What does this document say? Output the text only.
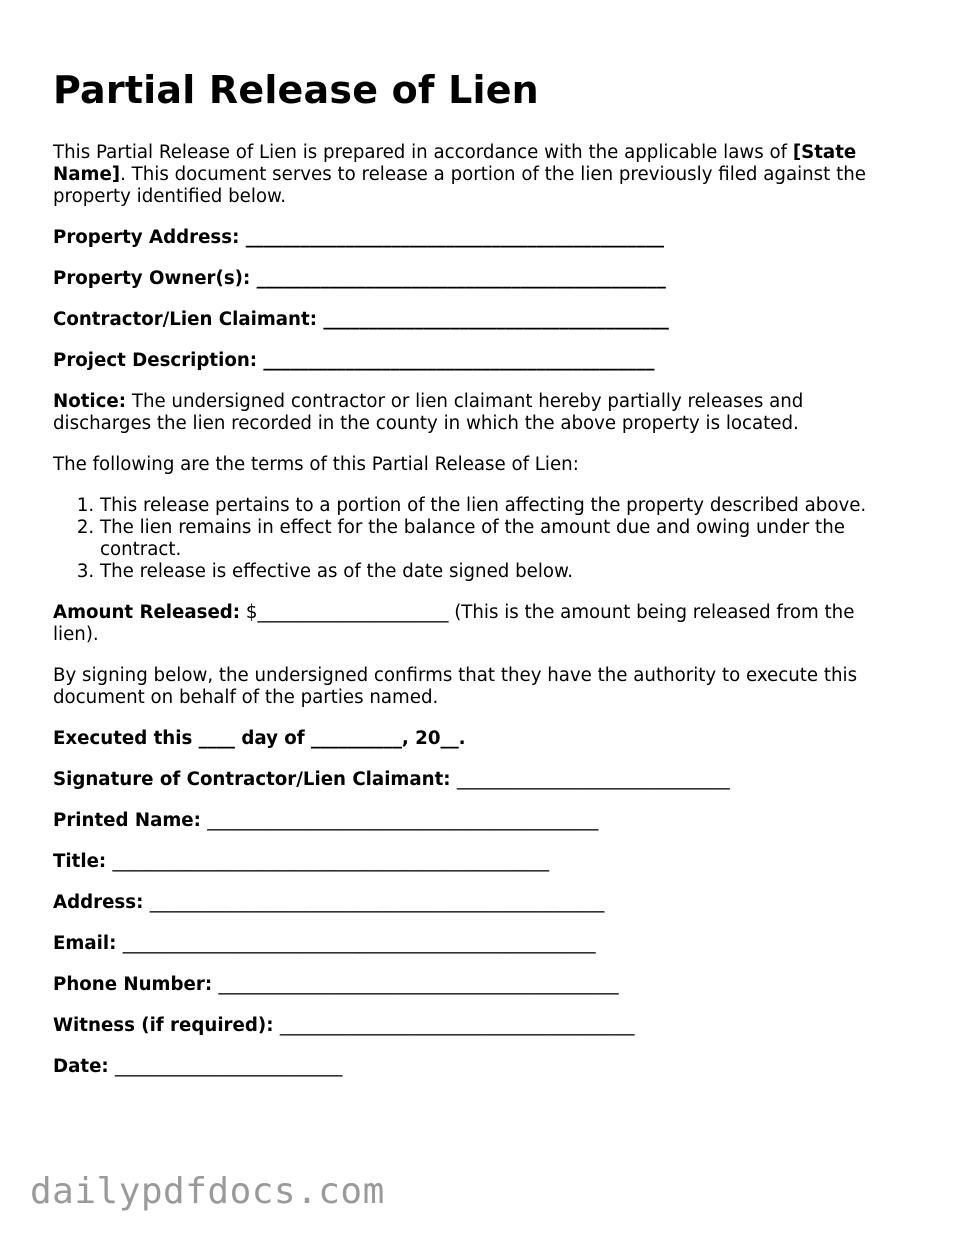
Partial Release of Lien

This Partial Release of Lien is prepared in accordance with the applicable laws of [State Name]. This document serves to release a portion of the lien previously filed against the property identified below.

Property Address: ______________________________________________
Property Owner(s): _____________________________________________
Contractor/Lien Claimant: ______________________________________
Project Description: ___________________________________________

Notice: The undersigned contractor or lien claimant hereby partially releases and discharges the lien recorded in the county in which the above property is located.

The following are the terms of this Partial Release of Lien:

1. This release pertains to a portion of the lien affecting the property described above.
2. The lien remains in effect for the balance of the amount due and owing under the contract.
3. The release is effective as of the date signed below.

Amount Released: $_____________________ (This is the amount being released from the lien).

By signing below, the undersigned confirms that they have the authority to execute this document on behalf of the parties named.

Executed this ____ day of __________, 20__.
Signature of Contractor/Lien Claimant: ______________________________
Printed Name: ___________________________________________
Title: ________________________________________________
Address: __________________________________________________
Email: ____________________________________________________
Phone Number: ____________________________________________
Witness (if required): _______________________________________
Date: _________________________
dailypdfdocs.com
